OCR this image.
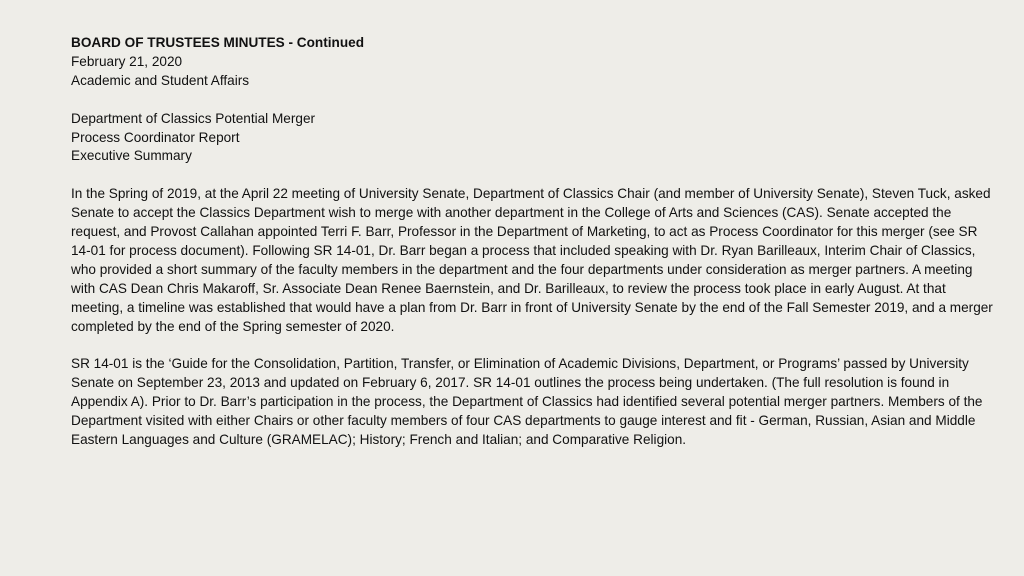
BOARD OF TRUSTEES MINUTES - Continued
February 21, 2020
Academic and Student Affairs
Department of Classics Potential Merger
Process Coordinator Report
Executive Summary

In the Spring of 2019, at the April 22 meeting of University Senate, Department of Classics Chair (and member of University Senate), Steven Tuck, asked Senate to accept the Classics Department wish to merge with another department in the College of Arts and Sciences (CAS). Senate accepted the request, and Provost Callahan appointed Terri F. Barr, Professor in the Department of Marketing, to act as Process Coordinator for this merger (see SR 14-01 for process document). Following SR 14-01, Dr. Barr began a process that included speaking with Dr. Ryan Barilleaux, Interim Chair of Classics, who provided a short summary of the faculty members in the department and the four departments under consideration as merger partners. A meeting with CAS Dean Chris Makaroff, Sr. Associate Dean Renee Baernstein, and Dr. Barilleaux, to review the process took place in early August. At that meeting, a timeline was established that would have a plan from Dr. Barr in front of University Senate by the end of the Fall Semester 2019, and a merger completed by the end of the Spring semester of 2020.

SR 14-01 is the ‘Guide for the Consolidation, Partition, Transfer, or Elimination of Academic Divisions, Department, or Programs’ passed by University Senate on September 23, 2013 and updated on February 6, 2017. SR 14-01 outlines the process being undertaken. (The full resolution is found in Appendix A). Prior to Dr. Barr’s participation in the process, the Department of Classics had identified several potential merger partners. Members of the Department visited with either Chairs or other faculty members of four CAS departments to gauge interest and fit - German, Russian, Asian and Middle Eastern Languages and Culture (GRAMELAC); History; French and Italian; and Comparative Religion.
